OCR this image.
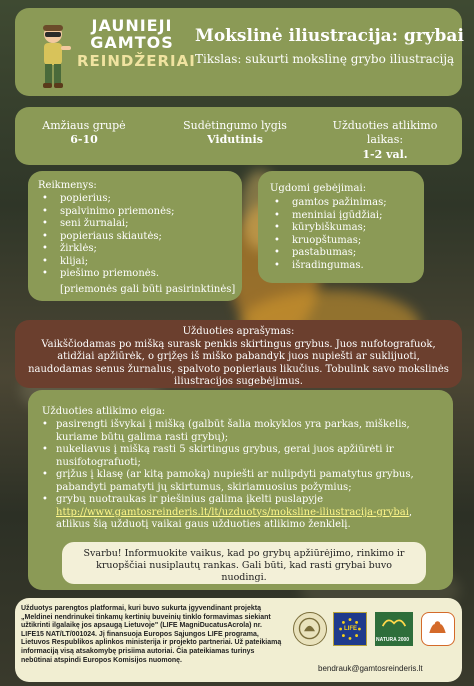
JAUNIEJI
GAMTOS
REINDŽERIAI
Mokslinė iliustracija: grybai
Tikslas: sukurti mokslinę grybo iliustraciją
Amžiaus grupė
6-10
Sudėtingumo lygis
Vidutinis
Užduoties atlikimo laikas:
1-2 val.
Reikmenys:
• popierius;
• spalvinimo priemonės;
• seni žurnalai;
• popieriaus skiautės;
• žirklės;
• klijai;
• piešimo priemonės.
[priemonės gali būti pasirinktinės]
Ugdomi gebėjimai:
• gamtos pažinimas;
• meniniai įgūdžiai;
• kūrybiškumas;
• kruopštumas;
• pastabumas;
• išradingumas.
Užduoties aprašymas:
Vaikščiodamas po mišką surask penkis skirtingus grybus. Juos nufotografuok, atidžiai apžiūrėk, o grįžęs iš miško pabandyk juos nupiešti ar suklijuoti, naudodamas senus žurnalus, spalvoto popieriaus likučius. Tobulink savo mokslinės iliustracijos sugebėjimus.
Užduoties atlikimo eiga:
• pasirengti išvykai į mišką (galbūt šalia mokyklos yra parkas, miškelis, kuriame būtų galima rasti grybų);
• nukeliavus į mišką rasti 5 skirtingus grybus, gerai juos apžiūrėti ir nusifotografuoti;
• grįžus į klasę (ar kitą pamoką) nupiešti ar nulipdyti pamatytus grybus, pabandyti pamatyti jų skirtumus, skiriamuosius požymius;
• grybų nuotraukas ir piešinius galima įkelti puslapyje http://www.gamtosreinderis.lt/lt/uzduotys/mokslinе-iliustracija-grybai, atlikus šią užduotį vaikai gaus užduoties atlikimo ženklelį.
Svarbu! Informuokite vaikus, kad po grybų apžiūrėjimo, rinkimo ir kruopščiai nusiplautų rankas. Gali būti, kad rasti grybai buvo nuodingi.
Užduotys parengtos platformai, kuri buvo sukurta įgyvendinant projektą „Meldinei nendrinukei tinkamų kertinių buveinių tinklo formavimas siekiant užtikrinti ilgalaikę jos apsaugą Lietuvoje" (LIFE MagniDucatusAcrola) nr. LIFE15 NAT/LT/001024. Jį finansuoja Europos Sąjungos LIFE programa, Lietuvos Respublikos aplinkos ministerija ir projekto partneriai. Už pateikiamą informaciją visą atsakomybę prisiima autoriai. Čia pateikiamas turinys nebūtinai atspindi Europos Komisijos nuomonę.
LIFE
NATURA 2000
bendrauk@gamtosreinderis.lt
